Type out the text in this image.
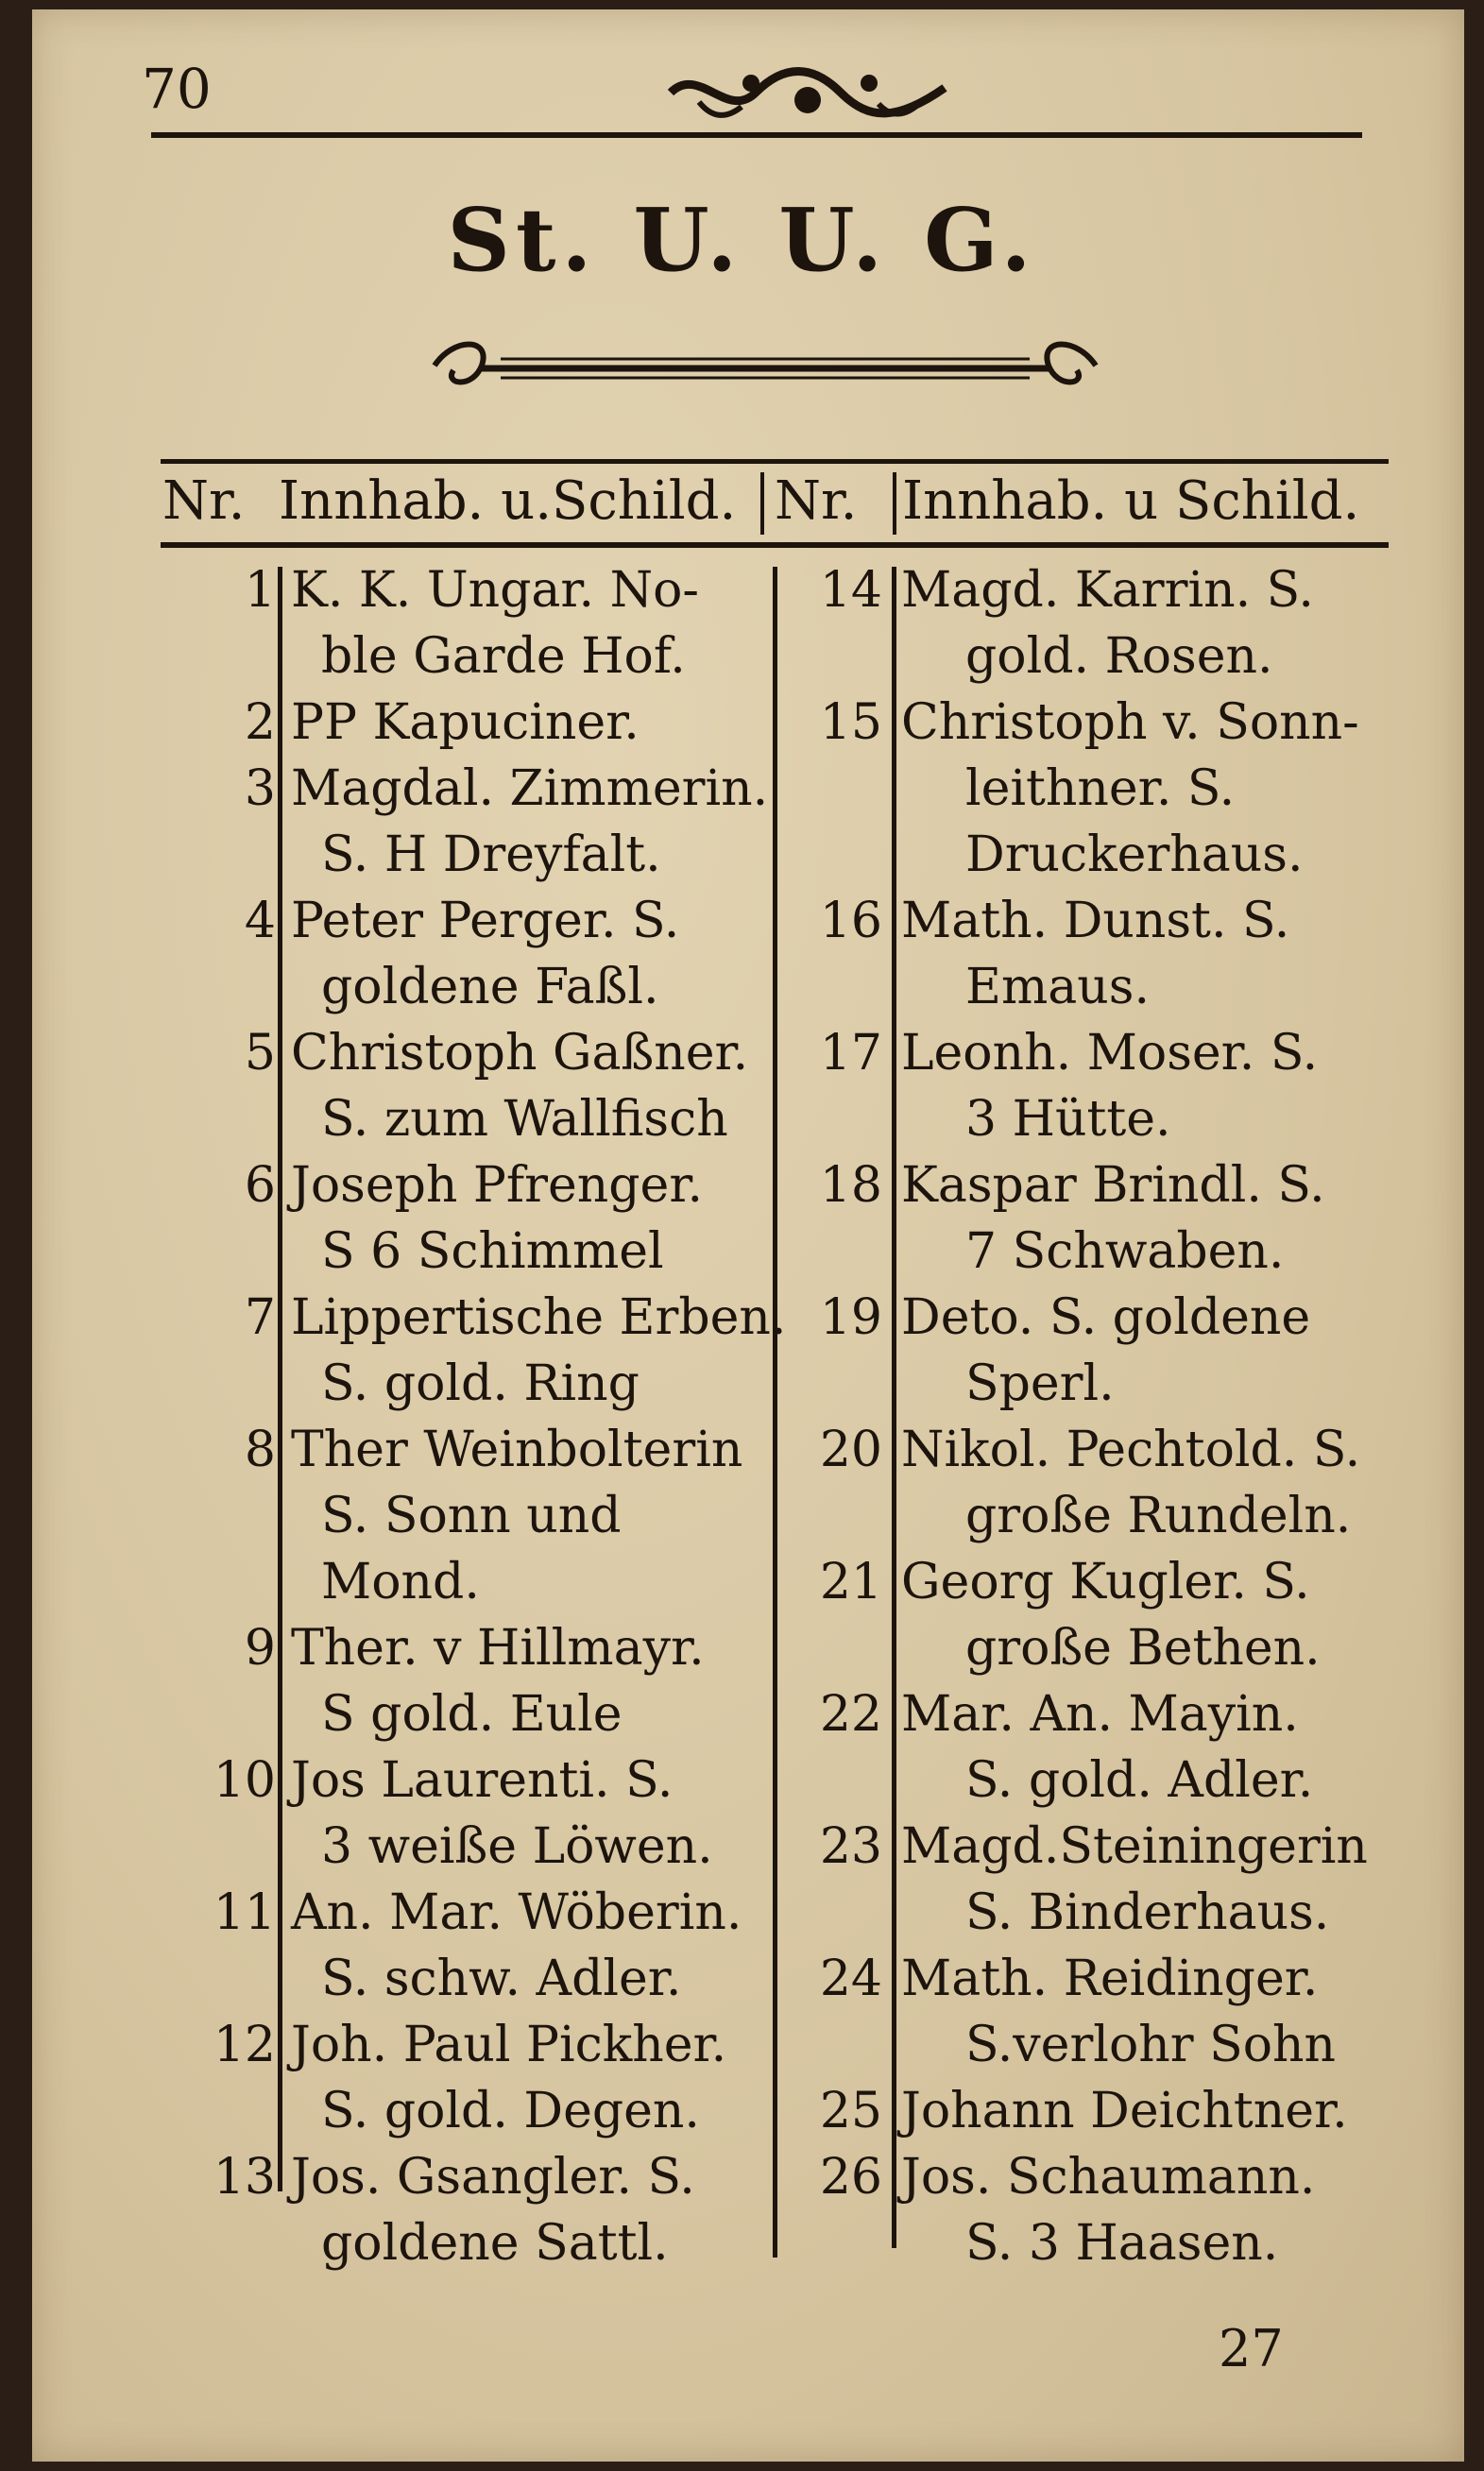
70
St. U. U. G.
Nr. Innhab. u.Schild. Nr. Innhab. u Schild.
1 K. K. Ungar. No-
ble Garde Hof.
2 PP Kapuciner.
3 Magdal. Zimmerin.
S. H Dreyfalt.
4 Peter Perger. S.
goldene Faßl.
5 Christoph Gaßner.
S. zum Wallfisch
6 Joseph Pfrenger.
S 6 Schimmel
7 Lippertische Erben.
S. gold. Ring
8 Ther Weinbolterin
S. Sonn und
Mond.
9 Ther. v Hillmayr.
S gold. Eule
10 Jos Laurenti. S.
3 weiße Löwen.
11 An. Mar. Wöberin.
S. schw. Adler.
12 Joh. Paul Pickher.
S. gold. Degen.
13 Jos. Gsangler. S.
goldene Sattl.
14 Magd. Karrin. S.
gold. Rosen.
15 Christoph v. Sonn-
leithner. S.
Druckerhaus.
16 Math. Dunst. S.
Emaus.
17 Leonh. Moser. S.
3 Hütte.
18 Kaspar Brindl. S.
7 Schwaben.
19 Deto. S. goldene
Sperl.
20 Nikol. Pechtold. S.
große Rundeln.
21 Georg Kugler. S.
große Bethen.
22 Mar. An. Mayin.
S. gold. Adler.
23 Magd.Steiningerin
S. Binderhaus.
24 Math. Reidinger.
S.verlohr Sohn
25 Johann Deichtner.
26 Jos. Schaumann.
S. 3 Haasen.
27
